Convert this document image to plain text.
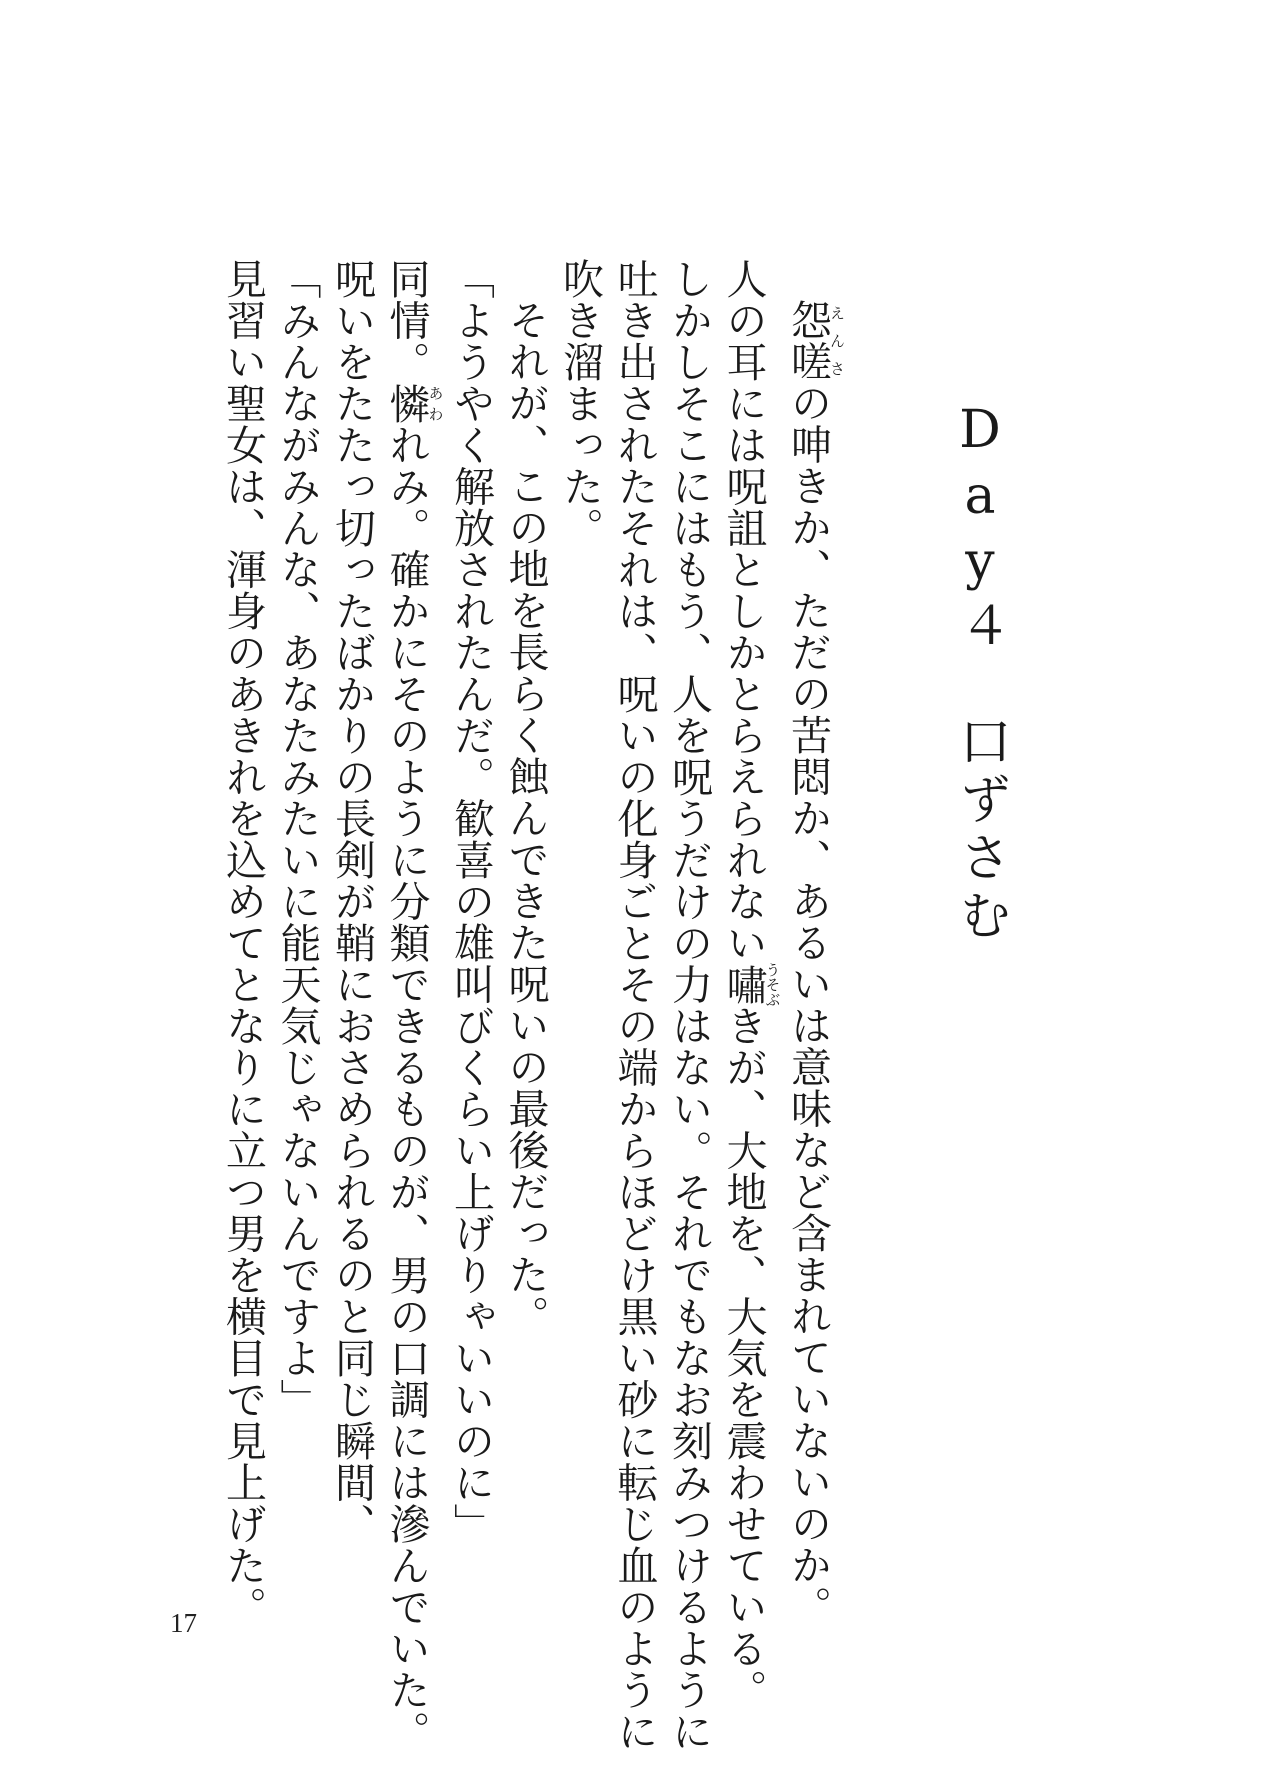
Day４　口ずさむ

怨嗟えんさの呻きか、ただの苦悶か、あるいは意味など含まれていないのか。

人の耳には呪詛としかとらえられない嘯うそぶきが、大地を、大気を震わせている。

しかしそこにはもう、人を呪うだけの力はない。それでもなお刻みつけるように

吐き出されたそれは、呪いの化身ごとその端からほどけ黒い砂に転じ血のように

吹き溜まった。

それが、この地を長らく蝕んできた呪いの最後だった。

「ようやく解放されたんだ。歓喜の雄叫びくらい上げりゃいいのに」

同情。憐あわれみ。確かにそのように分類できるものが、男の口調には滲んでいた。

呪いをたたっ切ったばかりの長剣が鞘におさめられるのと同じ瞬間、

「みんながみんな、あなたみたいに能天気じゃないんですよ」

見習い聖女は、渾身のあきれを込めてとなりに立つ男を横目で見上げた。

17
